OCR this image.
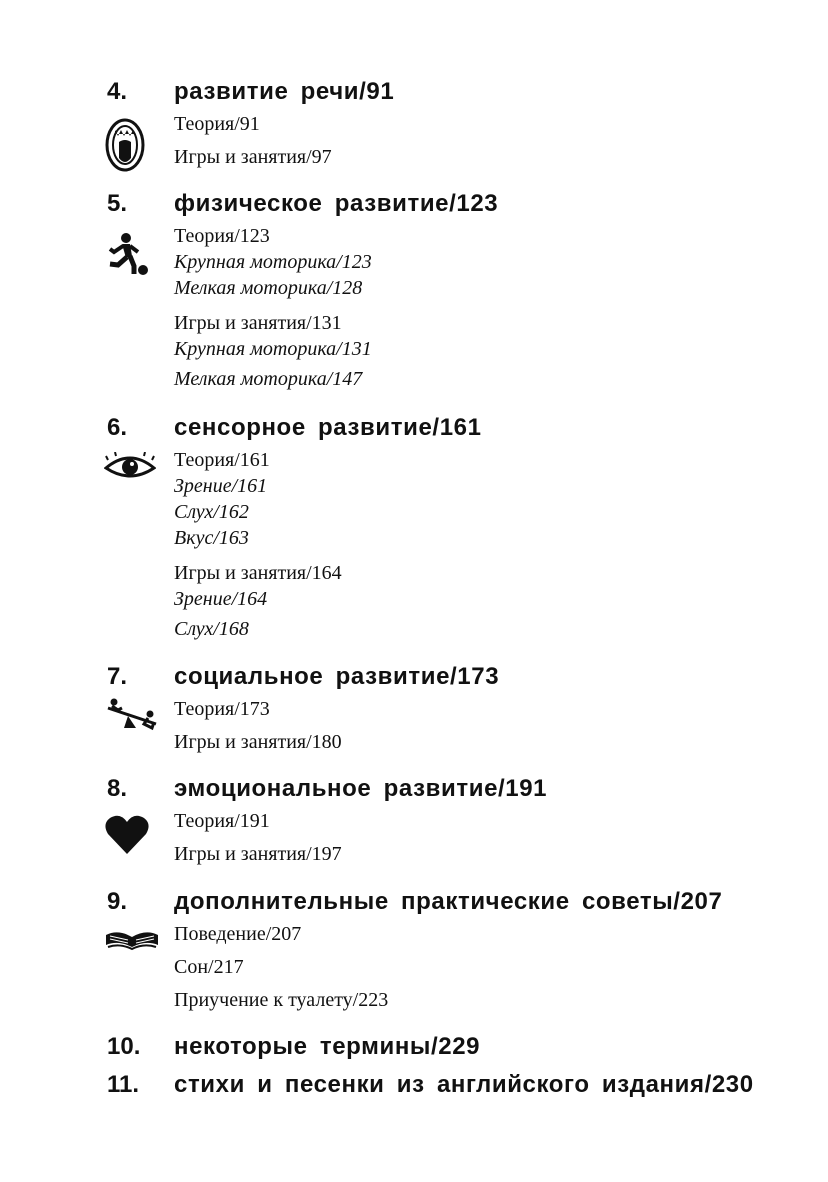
4. развитие речи/91
Теория/91
Игры и занятия/97
5. физическое развитие/123
Теория/123
Крупная моторика/123
Мелкая моторика/128
Игры и занятия/131
Крупная моторика/131
Мелкая моторика/147
6. сенсорное развитие/161
Теория/161
Зрение/161
Слух/162
Вкус/163
Игры и занятия/164
Зрение/164
Слух/168
7. социальное развитие/173
Теория/173
Игры и занятия/180
8. эмоциональное развитие/191
Теория/191
Игры и занятия/197
9. дополнительные практические советы/207
Поведение/207
Сон/217
Приучение к туалету/223
10. некоторые термины/229
11. стихи и песенки из английского издания/230
